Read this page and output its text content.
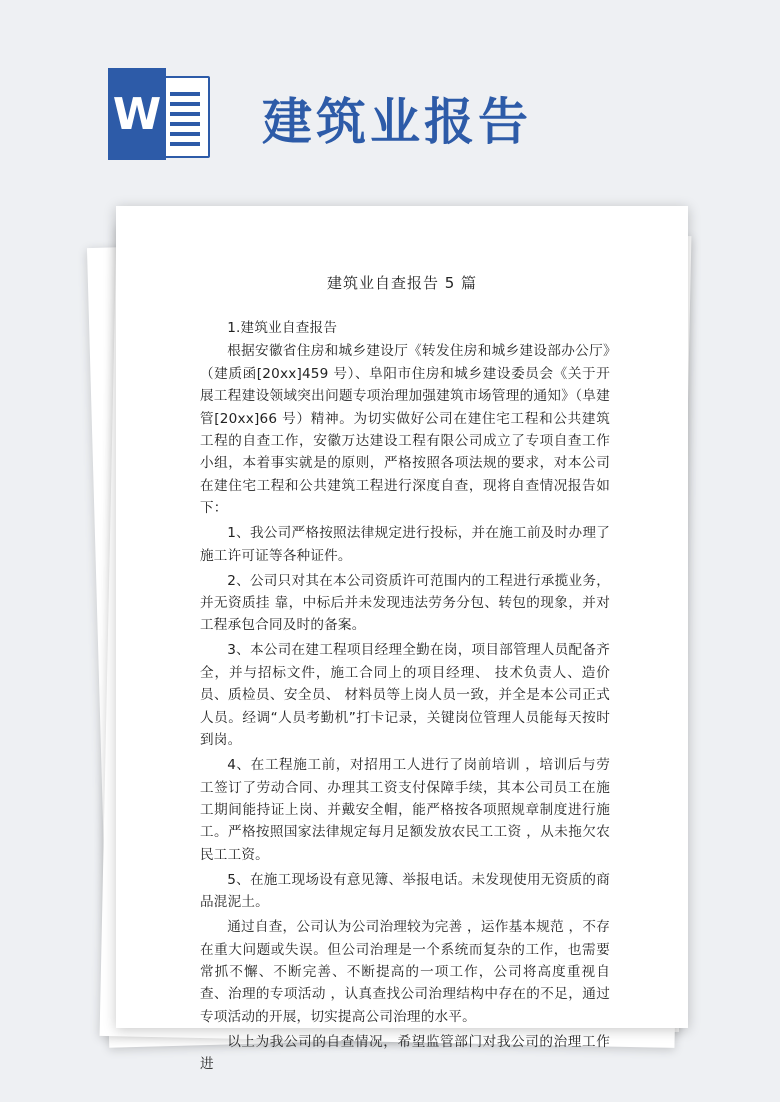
W 建筑业报告
建筑业自查报告 5 篇

1.建筑业自查报告

根据安徽省住房和城乡建设厅《转发住房和城乡建设部办公厅》（建质函[20xx]459 号）、阜阳市住房和城乡建设委员会《关于开展工程建设领域突出问题专项治理加强建筑市场管理的通知》（阜建管[20xx]66 号）精神。为切实做好公司在建住宅工程和公共建筑工程的自查工作，安徽万达建设工程有限公司成立了专项自查工作小组，本着事实就是的原则，严格按照各项法规的要求，对本公司在建住宅工程和公共建筑工程进行深度自查，现将自查情况报告如下：

1、我公司严格按照法律规定进行投标，并在施工前及时办理了施工许可证等各种证件。

2、公司只对其在本公司资质许可范围内的工程进行承揽业务，并无资质挂 靠，中标后并未发现违法劳务分包、转包的现象，并对工程承包合同及时的备案。

3、本公司在建工程项目经理全勤在岗，项目部管理人员配备齐全，并与招标文件，施工合同上的项目经理、 技术负责人、造价员、质检员、安全员、 材料员等上岗人员一致，并全是本公司正式人员。经调“人员考勤机”打卡记录，关键岗位管理人员能每天按时到岗。

4、在工程施工前，对招用工人进行了岗前培训 ，培训后与劳工签订了劳动合同、办理其工资支付保障手续，其本公司员工在施工期间能持证上岗、并戴安全帽，能严格按各项照规章制度进行施工。严格按照国家法律规定每月足额发放农民工工资 ，从未拖欠农民工工资。

5、在施工现场设有意见簿、举报电话。未发现使用无资质的商品混泥土。

通过自查，公司认为公司治理较为完善 ，运作基本规范 ，不存在重大问题或失误。但公司治理是一个系统而复杂的工作，也需要常抓不懈、不断完善、不断提高的一项工作，公司将高度重视自查、治理的专项活动 ，认真查找公司治理结构中存在的不足，通过专项活动的开展，切实提高公司治理的水平。

以上为我公司的自查情况，希望监管部门对我公司的治理工作进
